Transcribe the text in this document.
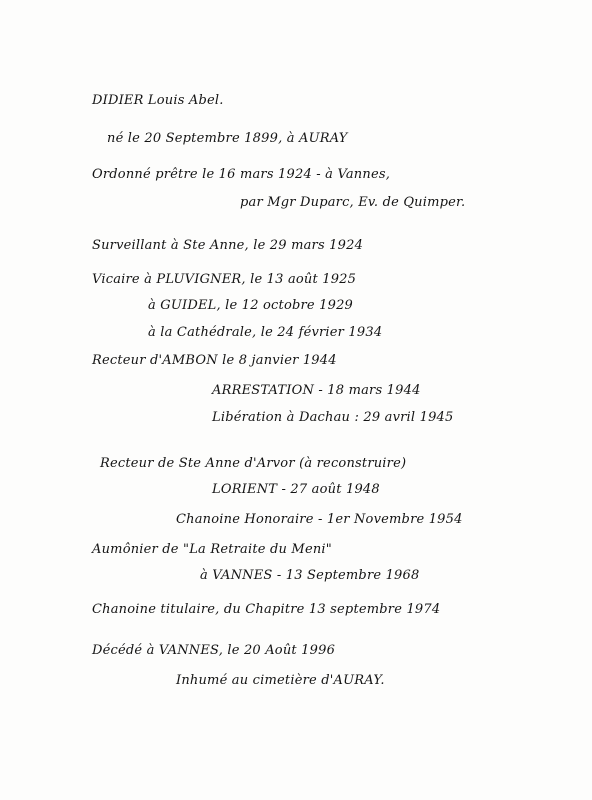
DIDIER Louis Abel.
né le 20 Septembre 1899, à AURAY
Ordonné prêtre le 16 mars 1924 - à Vannes,
par Mgr Duparc, Ev. de Quimper.
Surveillant à Ste Anne, le 29 mars 1924
Vicaire à PLUVIGNER, le 13 août 1925
à GUIDEL, le 12 octobre 1929
à la Cathédrale, le 24 février 1934
Recteur d'AMBON le 8 janvier 1944
ARRESTATION - 18 mars 1944
Libération à Dachau : 29 avril 1945
Recteur de Ste Anne d'Arvor (à reconstruire)
LORIENT - 27 août 1948
Chanoine Honoraire - 1er Novembre 1954
Aumônier de "La Retraite du Meni"
à VANNES - 13 Septembre 1968
Chanoine titulaire, du Chapitre 13 septembre 1974
Décédé à VANNES, le 20 Août 1996
Inhumé au cimetière d'AURAY.
